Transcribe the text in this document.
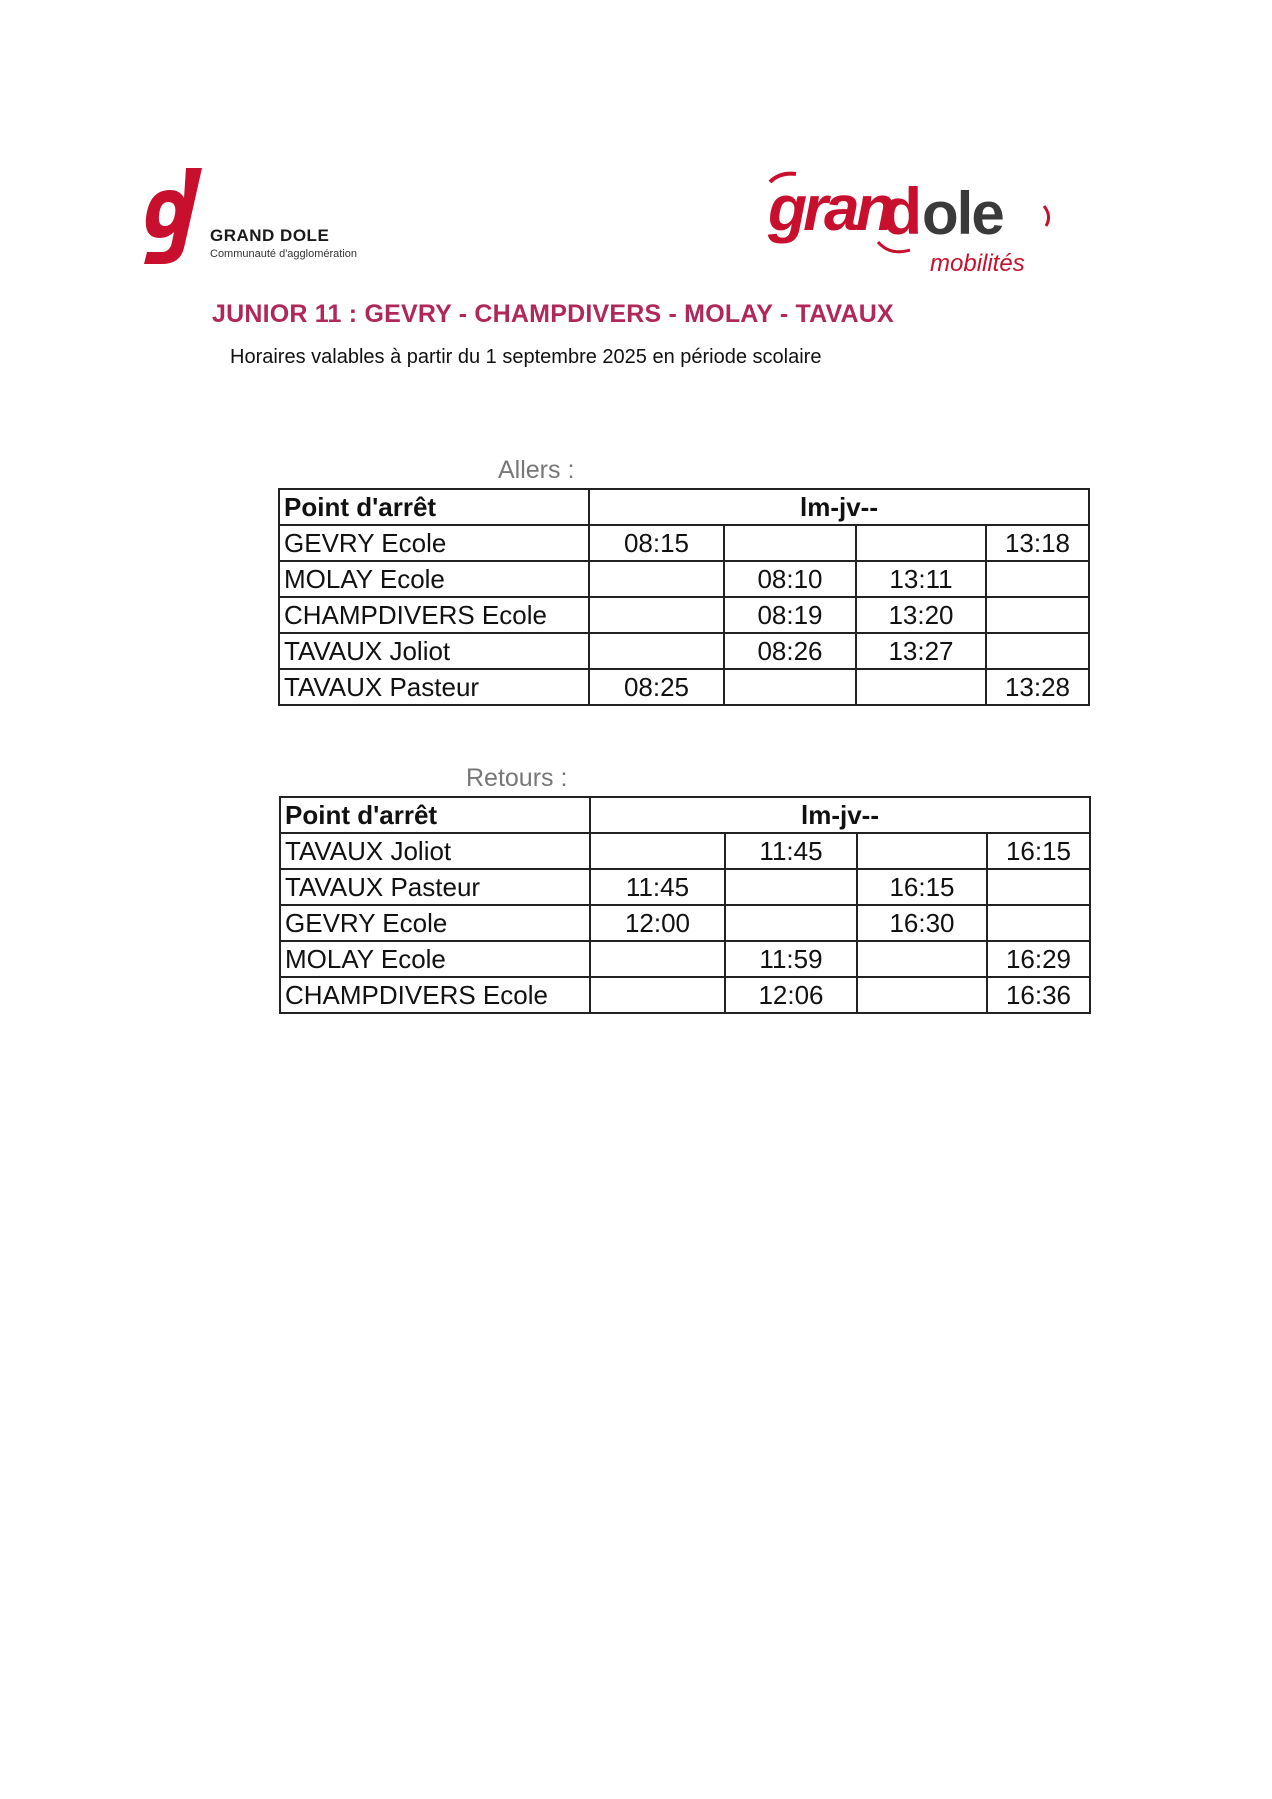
GRAND DOLE
Communauté d'agglomération
gran
d ole
mobilités
JUNIOR 11 : GEVRY - CHAMPDIVERS - MOLAY - TAVAUX
Horaires valables à partir du 1 septembre 2025 en période scolaire
Allers :
Point d'arrêt	lm-jv--			
GEVRY Ecole	08:15			13:18
MOLAY Ecole		08:10	13:11	
CHAMPDIVERS Ecole		08:19	13:20	
TAVAUX Joliot		08:26	13:27	
TAVAUX Pasteur	08:25			13:28
Retours :
Point d'arrêt	lm-jv--			
TAVAUX Joliot		11:45		16:15
TAVAUX Pasteur	11:45		16:15	
GEVRY Ecole	12:00		16:30	
MOLAY Ecole		11:59		16:29
CHAMPDIVERS Ecole		12:06		16:36
